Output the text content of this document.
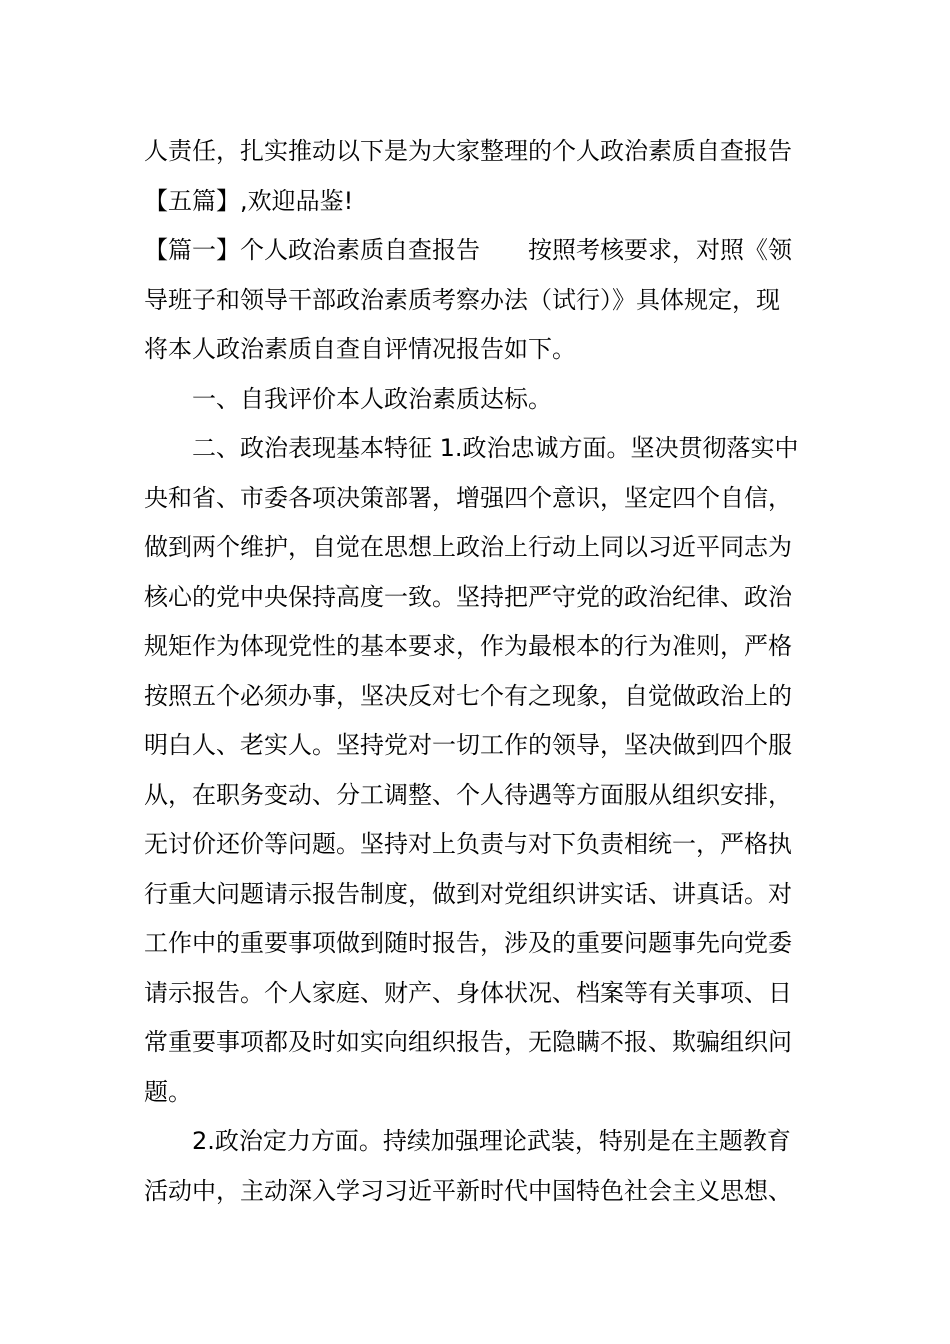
人责任，扎实推动以下是为大家整理的个人政治素质自查报告
【五篇】,欢迎品鉴!
【篇一】个人政治素质自查报告　　按照考核要求，对照《领
导班子和领导干部政治素质考察办法（试行）》具体规定，现
将本人政治素质自查自评情况报告如下。
　　一、自我评价本人政治素质达标。
　　二、政治表现基本特征 1.政治忠诚方面。坚决贯彻落实中
央和省、市委各项决策部署，增强四个意识，坚定四个自信，
做到两个维护，自觉在思想上政治上行动上同以习近平同志为
核心的党中央保持高度一致。坚持把严守党的政治纪律、政治
规矩作为体现党性的基本要求，作为最根本的行为准则，严格
按照五个必须办事，坚决反对七个有之现象，自觉做政治上的
明白人、老实人。坚持党对一切工作的领导，坚决做到四个服
从，在职务变动、分工调整、个人待遇等方面服从组织安排，
无讨价还价等问题。坚持对上负责与对下负责相统一，严格执
行重大问题请示报告制度，做到对党组织讲实话、讲真话。对
工作中的重要事项做到随时报告，涉及的重要问题事先向党委
请示报告。个人家庭、财产、身体状况、档案等有关事项、日
常重要事项都及时如实向组织报告，无隐瞒不报、欺骗组织问
题。
　　2.政治定力方面。持续加强理论武装，特别是在主题教育
活动中，主动深入学习习近平新时代中国特色社会主义思想、
